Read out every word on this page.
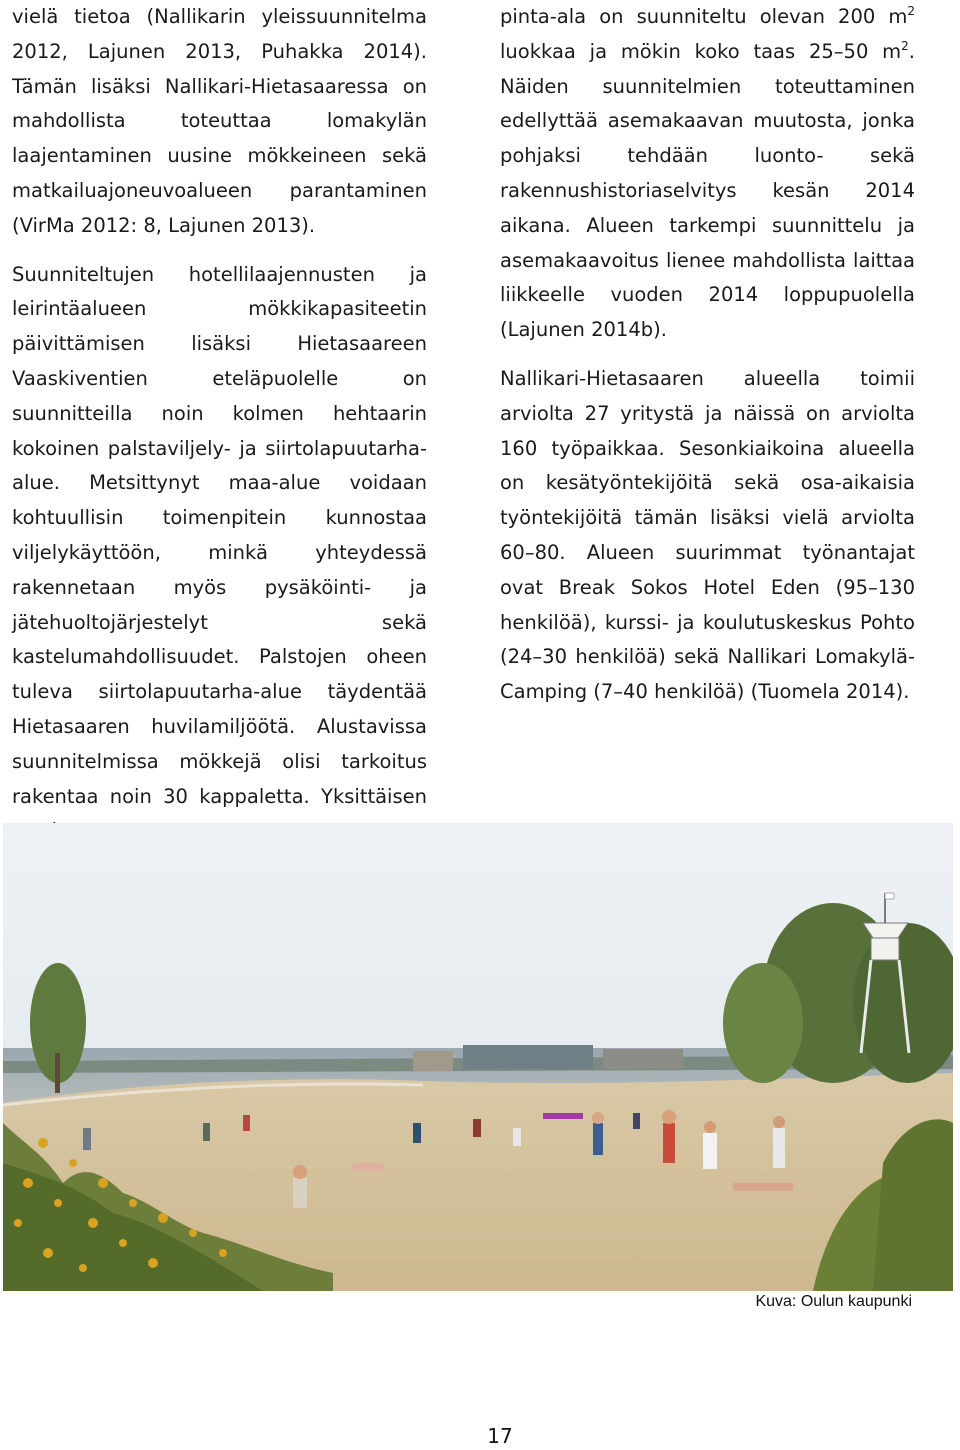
vielä tietoa (Nallikarin yleissuunnitelma 2012, Lajunen 2013, Puhakka 2014). Tämän lisäksi Nallikari-Hietasaaressa on mahdollista toteuttaa lomakylän laajentaminen uusine mökkeineen sekä matkailuajoneuvoalueen parantaminen (VirMa 2012: 8, Lajunen 2013).

Suunniteltujen hotellilaajennusten ja leirintäalueen mökkikapasiteetin päivittämisen lisäksi Hietasaareen Vaaskiventien eteläpuolelle on suunnitteilla noin kolmen hehtaarin kokoinen palstaviljely- ja siirtolapuutarha-alue. Metsittynyt maa-alue voidaan kohtuullisin toimenpitein kunnostaa viljelykäyttöön, minkä yhteydessä rakennetaan myös pysäköinti- ja jätehuoltojärjestelyt sekä kastelumahdollisuudet. Palstojen oheen tuleva siirtolapuutarha-alue täydentää Hietasaaren huvilamiljöötä. Alustavissa suunnitelmissa mökkejä olisi tarkoitus rakentaa noin 30 kappaletta. Yksittäisen

pinta-ala on suunniteltu olevan 200 $m^2$ luokkaa ja mökin koko taas 25–50 $m^2$. Näiden suunnitelmien toteuttaminen edellyttää asemakaavan muutosta, jonka pohjaksi tehdään luonto- sekä rakennushistoriaselvitys kesän 2014 aikana. Alueen tarkempi suunnittelu ja asemakaavoitus lienee mahdollista laittaa liikkeelle vuoden 2014 loppupuolella (Lajunen 2014b).

Nallikari-Hietasaaren alueella toimii arviolta 27 yritystä ja näissä on arviolta 160 työpaikkaa. Sesonkiaikoina alueella on kesätyöntekijöitä sekä osa-aikaisia työntekijöitä tämän lisäksi vielä arviolta 60–80. Alueen suurimmat työnantajat ovat Break Sokos Hotel Eden (95–130 henkilöä), kurssi- ja koulutuskeskus Pohto (24–30 henkilöä) sekä Nallikari Lomakylä-Camping (7–40 henkilöä) (Tuomela 2014).

Kuva: Oulun kaupunki
17
